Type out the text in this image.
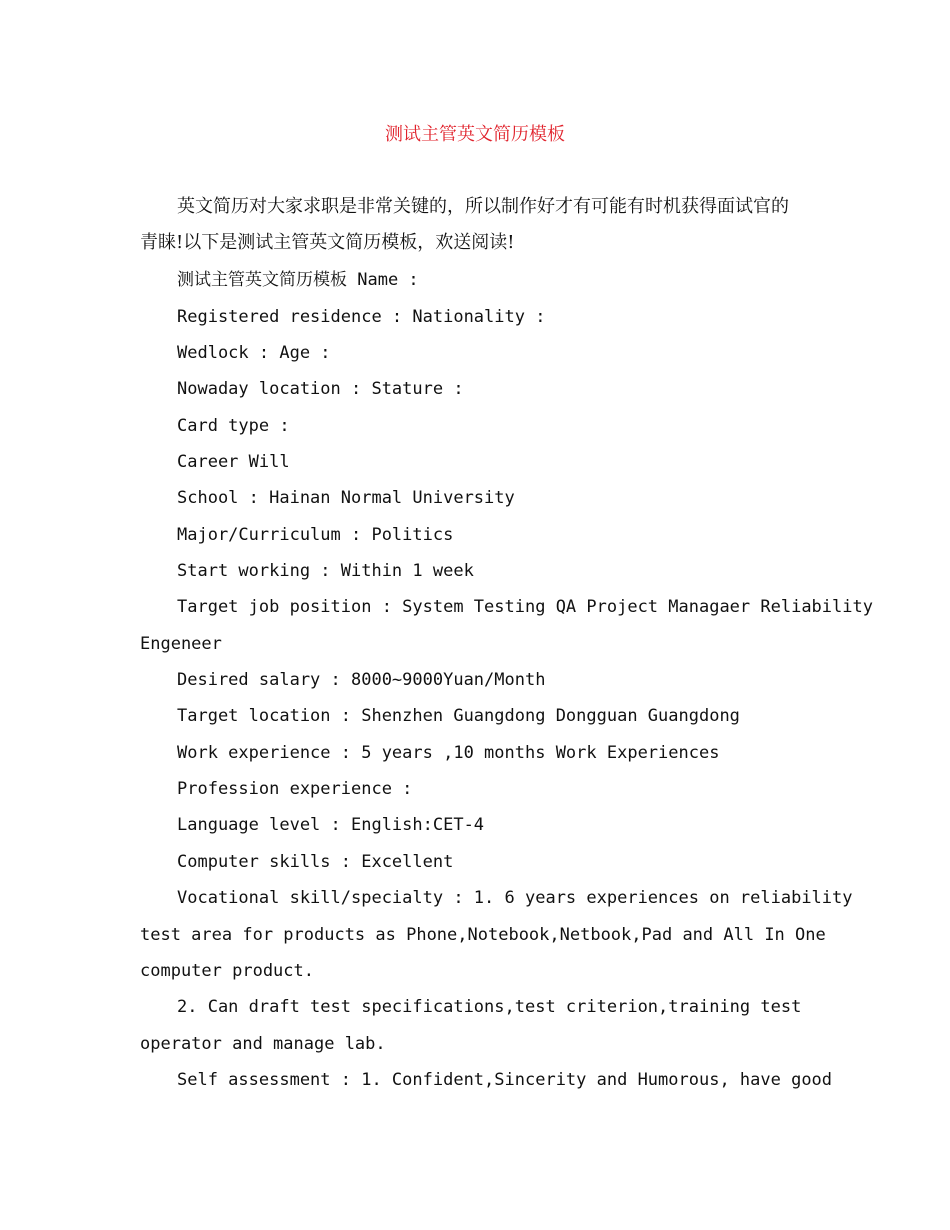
测试主管英文简历模板
英文简历对大家求职是非常关键的，所以制作好才有可能有时机获得面试官的
青睐!以下是测试主管英文简历模板，欢送阅读!
测试主管英文简历模板 Name :
Registered residence : Nationality :
Wedlock : Age :
Nowaday location : Stature :
Card type :
Career Will
School : Hainan Normal University
Major/Curriculum : Politics
Start working : Within 1 week
Target job position : System Testing QA Project Managaer Reliability
Engeneer
Desired salary : 8000~9000Yuan/Month
Target location : Shenzhen Guangdong Dongguan Guangdong
Work experience : 5 years ,10 months Work Experiences
Profession experience :
Language level : English:CET-4
Computer skills : Excellent
Vocational skill/specialty : 1. 6 years experiences on reliability
test area for products as Phone,Notebook,Netbook,Pad and All In One
computer product.
2. Can draft test specifications,test criterion,training test
operator and manage lab.
Self assessment : 1. Confident,Sincerity and Humorous, have good
